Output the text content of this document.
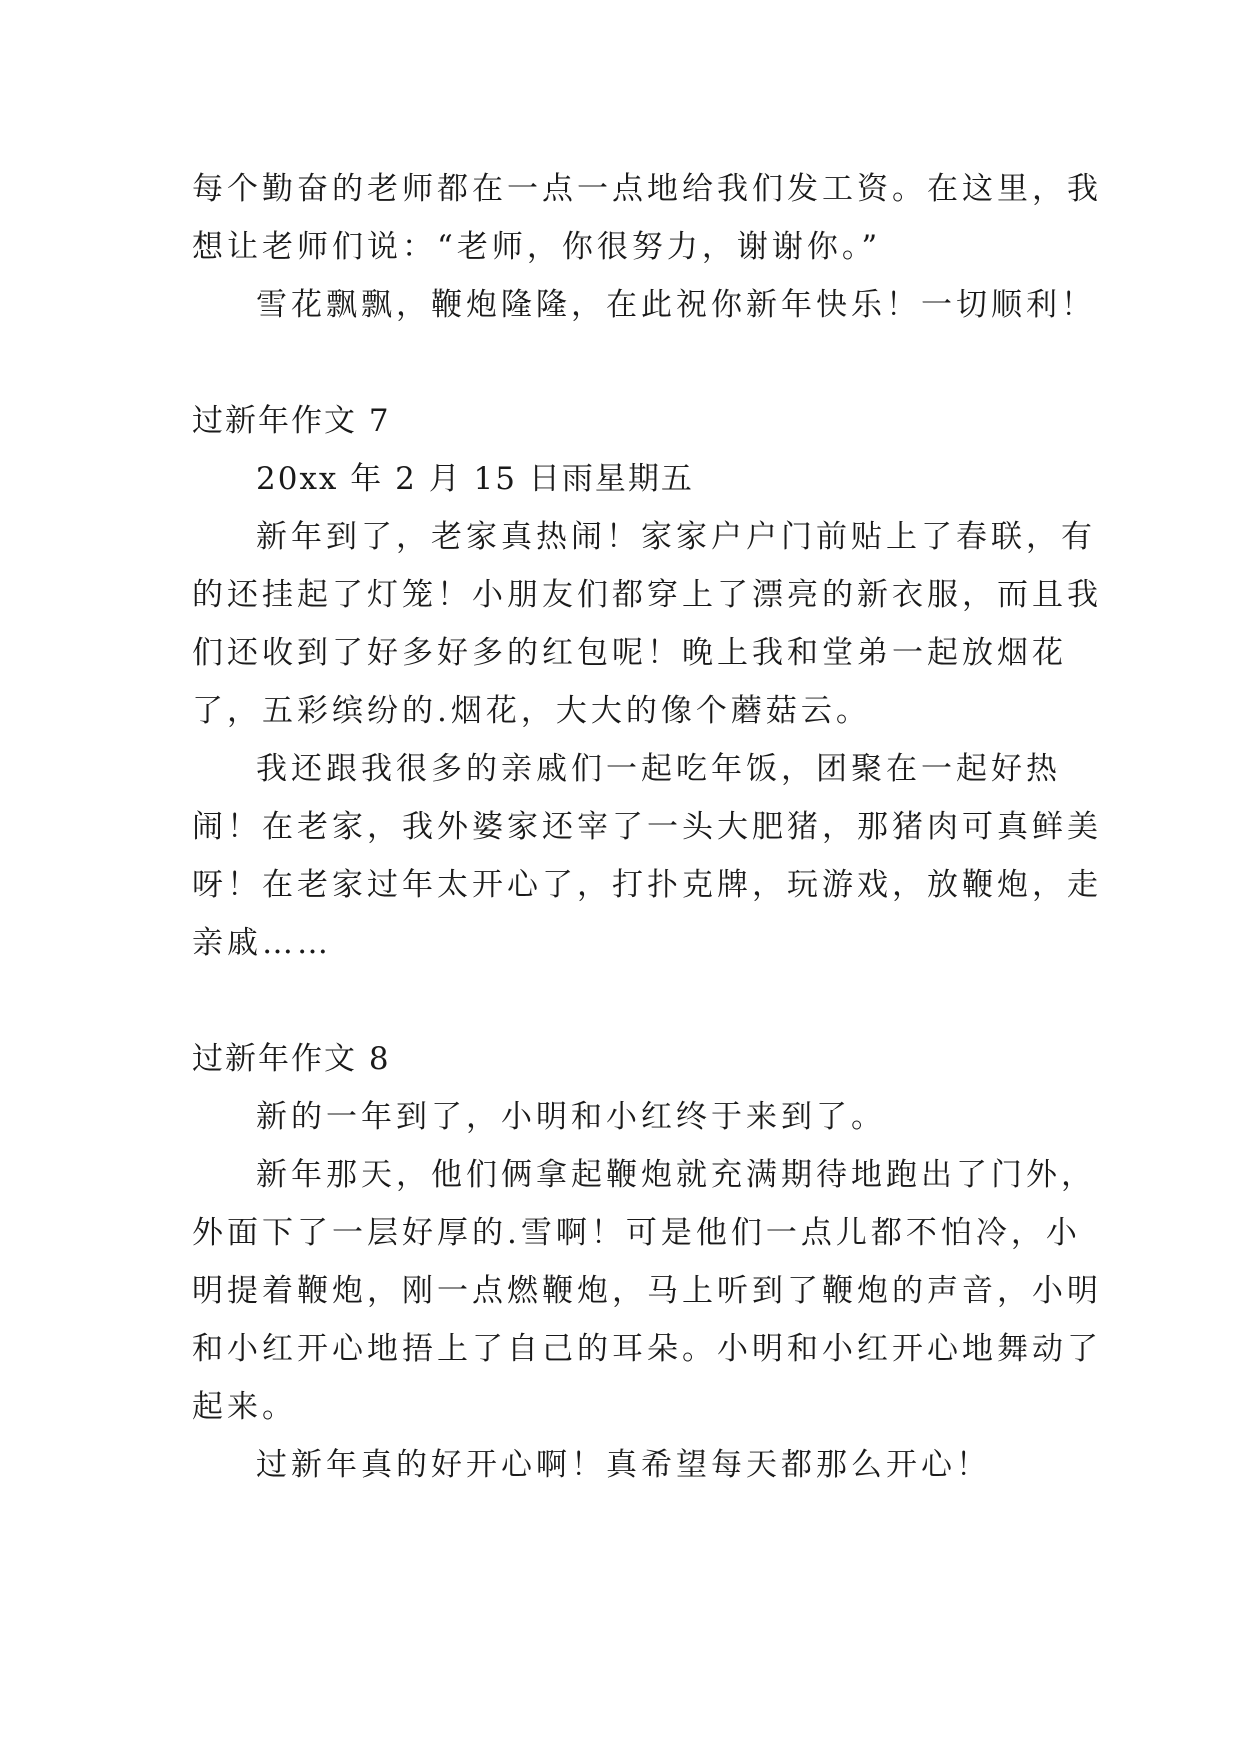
每个勤奋的老师都在一点一点地给我们发工资。在这里，我
想让老师们说：“老师，你很努力，谢谢你。”
雪花飘飘，鞭炮隆隆，在此祝你新年快乐！一切顺利！
过新年作文 7
20xx 年 2 月 15 日雨星期五
新年到了，老家真热闹！家家户户门前贴上了春联，有
的还挂起了灯笼！小朋友们都穿上了漂亮的新衣服，而且我
们还收到了好多好多的红包呢！晚上我和堂弟一起放烟花
了，五彩缤纷的.烟花，大大的像个蘑菇云。
我还跟我很多的亲戚们一起吃年饭，团聚在一起好热
闹！在老家，我外婆家还宰了一头大肥猪，那猪肉可真鲜美
呀！在老家过年太开心了，打扑克牌，玩游戏，放鞭炮，走
亲戚……
过新年作文 8
新的一年到了，小明和小红终于来到了。
新年那天，他们俩拿起鞭炮就充满期待地跑出了门外，
外面下了一层好厚的.雪啊！可是他们一点儿都不怕冷，小
明提着鞭炮，刚一点燃鞭炮，马上听到了鞭炮的声音，小明
和小红开心地捂上了自己的耳朵。小明和小红开心地舞动了
起来。
过新年真的好开心啊！真希望每天都那么开心！
